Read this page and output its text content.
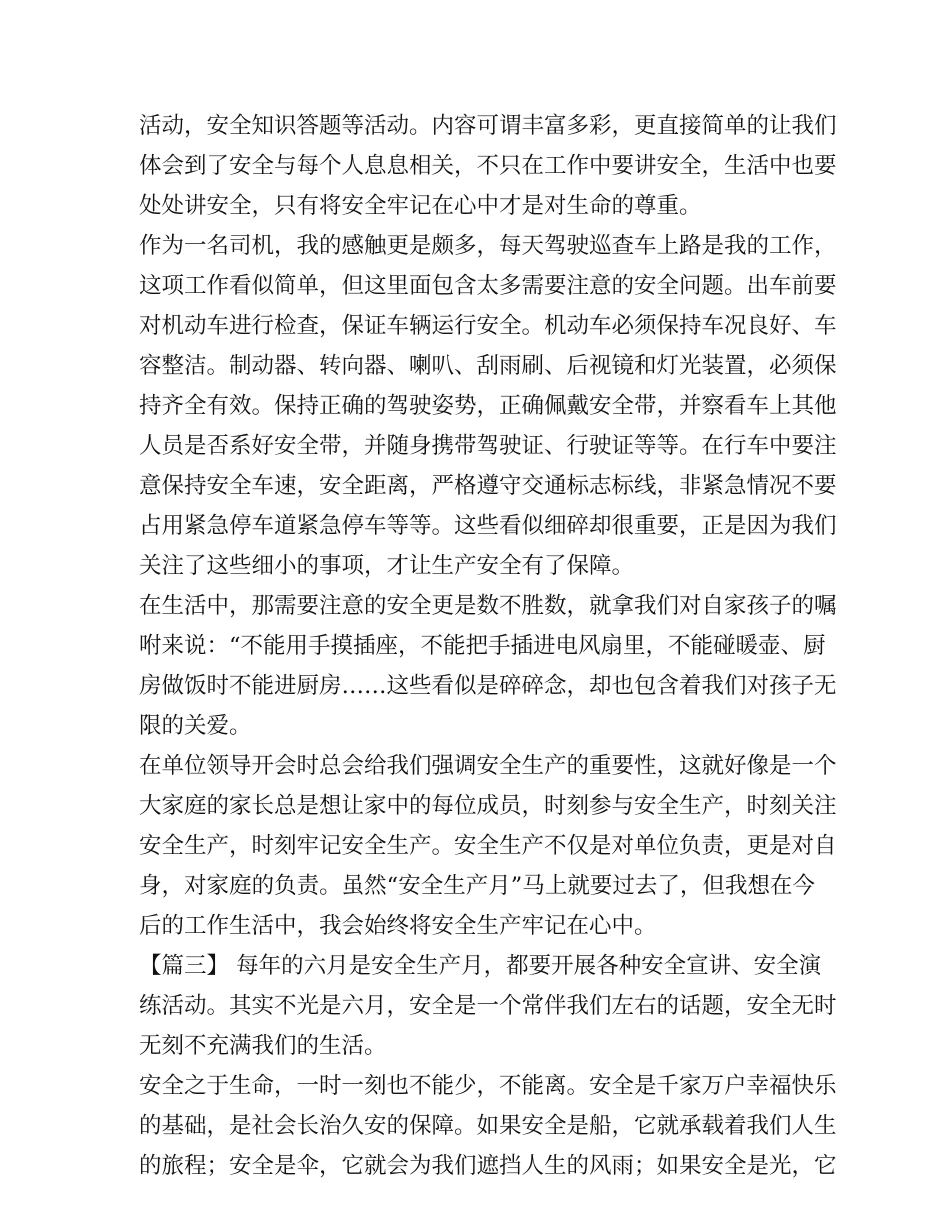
活动，安全知识答题等活动。内容可谓丰富多彩，更直接简单的让我们
体会到了安全与每个人息息相关，不只在工作中要讲安全，生活中也要
处处讲安全，只有将安全牢记在心中才是对生命的尊重。
作为一名司机，我的感触更是颇多，每天驾驶巡查车上路是我的工作，
这项工作看似简单，但这里面包含太多需要注意的安全问题。出车前要
对机动车进行检查，保证车辆运行安全。机动车必须保持车况良好、车
容整洁。制动器、转向器、喇叭、刮雨刷、后视镜和灯光装置，必须保
持齐全有效。保持正确的驾驶姿势，正确佩戴安全带，并察看车上其他
人员是否系好安全带，并随身携带驾驶证、行驶证等等。在行车中要注
意保持安全车速，安全距离，严格遵守交通标志标线，非紧急情况不要
占用紧急停车道紧急停车等等。这些看似细碎却很重要，正是因为我们
关注了这些细小的事项，才让生产安全有了保障。
在生活中，那需要注意的安全更是数不胜数，就拿我们对自家孩子的嘱
咐来说：“不能用手摸插座，不能把手插进电风扇里，不能碰暖壶、厨
房做饭时不能进厨房……这些看似是碎碎念，却也包含着我们对孩子无
限的关爱。
在单位领导开会时总会给我们强调安全生产的重要性，这就好像是一个
大家庭的家长总是想让家中的每位成员，时刻参与安全生产，时刻关注
安全生产，时刻牢记安全生产。安全生产不仅是对单位负责，更是对自
身，对家庭的负责。虽然“安全生产月”马上就要过去了，但我想在今
后的工作生活中，我会始终将安全生产牢记在心中。
【篇三】 每年的六月是安全生产月，都要开展各种安全宣讲、安全演
练活动。其实不光是六月，安全是一个常伴我们左右的话题，安全无时
无刻不充满我们的生活。
安全之于生命，一时一刻也不能少，不能离。安全是千家万户幸福快乐
的基础，是社会长治久安的保障。如果安全是船，它就承载着我们人生
的旅程；安全是伞，它就会为我们遮挡人生的风雨；如果安全是光，它
